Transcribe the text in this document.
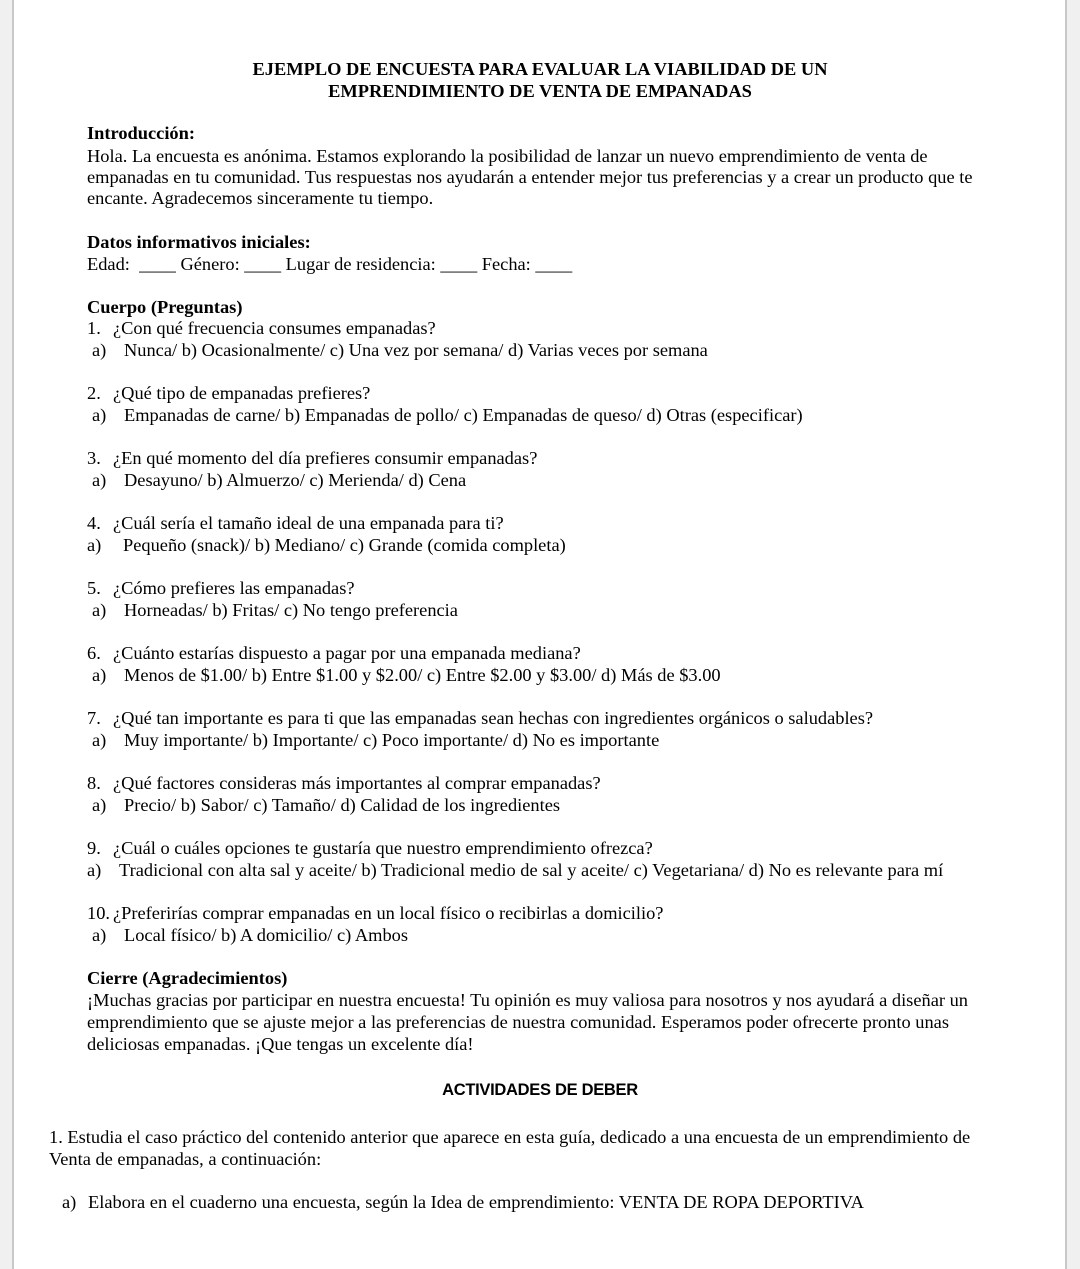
EJEMPLO DE ENCUESTA PARA EVALUAR LA VIABILIDAD DE UN
EMPRENDIMIENTO DE VENTA DE EMPANADAS
Introducción:
Hola. La encuesta es anónima. Estamos explorando la posibilidad de lanzar un nuevo emprendimiento de venta de
empanadas en tu comunidad. Tus respuestas nos ayudarán a entender mejor tus preferencias y a crear un producto que te
encante. Agradecemos sinceramente tu tiempo.
Datos informativos iniciales:
Edad:  ____ Género: ____ Lugar de residencia: ____ Fecha: ____
Cuerpo (Preguntas)
1. ¿Con qué frecuencia consumes empanadas?
a) Nunca/ b) Ocasionalmente/ c) Una vez por semana/ d) Varias veces por semana
2. ¿Qué tipo de empanadas prefieres?
a) Empanadas de carne/ b) Empanadas de pollo/ c) Empanadas de queso/ d) Otras (especificar)
3. ¿En qué momento del día prefieres consumir empanadas?
a) Desayuno/ b) Almuerzo/ c) Merienda/ d) Cena
4. ¿Cuál sería el tamaño ideal de una empanada para ti?
a) Pequeño (snack)/ b) Mediano/ c) Grande (comida completa)
5. ¿Cómo prefieres las empanadas?
a) Horneadas/ b) Fritas/ c) No tengo preferencia
6. ¿Cuánto estarías dispuesto a pagar por una empanada mediana?
a) Menos de $1.00/ b) Entre $1.00 y $2.00/ c) Entre $2.00 y $3.00/ d) Más de $3.00
7. ¿Qué tan importante es para ti que las empanadas sean hechas con ingredientes orgánicos o saludables?
a) Muy importante/ b) Importante/ c) Poco importante/ d) No es importante
8. ¿Qué factores consideras más importantes al comprar empanadas?
a) Precio/ b) Sabor/ c) Tamaño/ d) Calidad de los ingredientes
9. ¿Cuál o cuáles opciones te gustaría que nuestro emprendimiento ofrezca?
a) Tradicional con alta sal y aceite/ b) Tradicional medio de sal y aceite/ c) Vegetariana/ d) No es relevante para mí
10. ¿Preferirías comprar empanadas en un local físico o recibirlas a domicilio?
a) Local físico/ b) A domicilio/ c) Ambos
Cierre (Agradecimientos)
¡Muchas gracias por participar en nuestra encuesta! Tu opinión es muy valiosa para nosotros y nos ayudará a diseñar un
emprendimiento que se ajuste mejor a las preferencias de nuestra comunidad. Esperamos poder ofrecerte pronto unas
deliciosas empanadas. ¡Que tengas un excelente día!
ACTIVIDADES DE DEBER
1. Estudia el caso práctico del contenido anterior que aparece en esta guía, dedicado a una encuesta de un emprendimiento de
Venta de empanadas, a continuación:
a) Elabora en el cuaderno una encuesta, según la Idea de emprendimiento: VENTA DE ROPA DEPORTIVA
